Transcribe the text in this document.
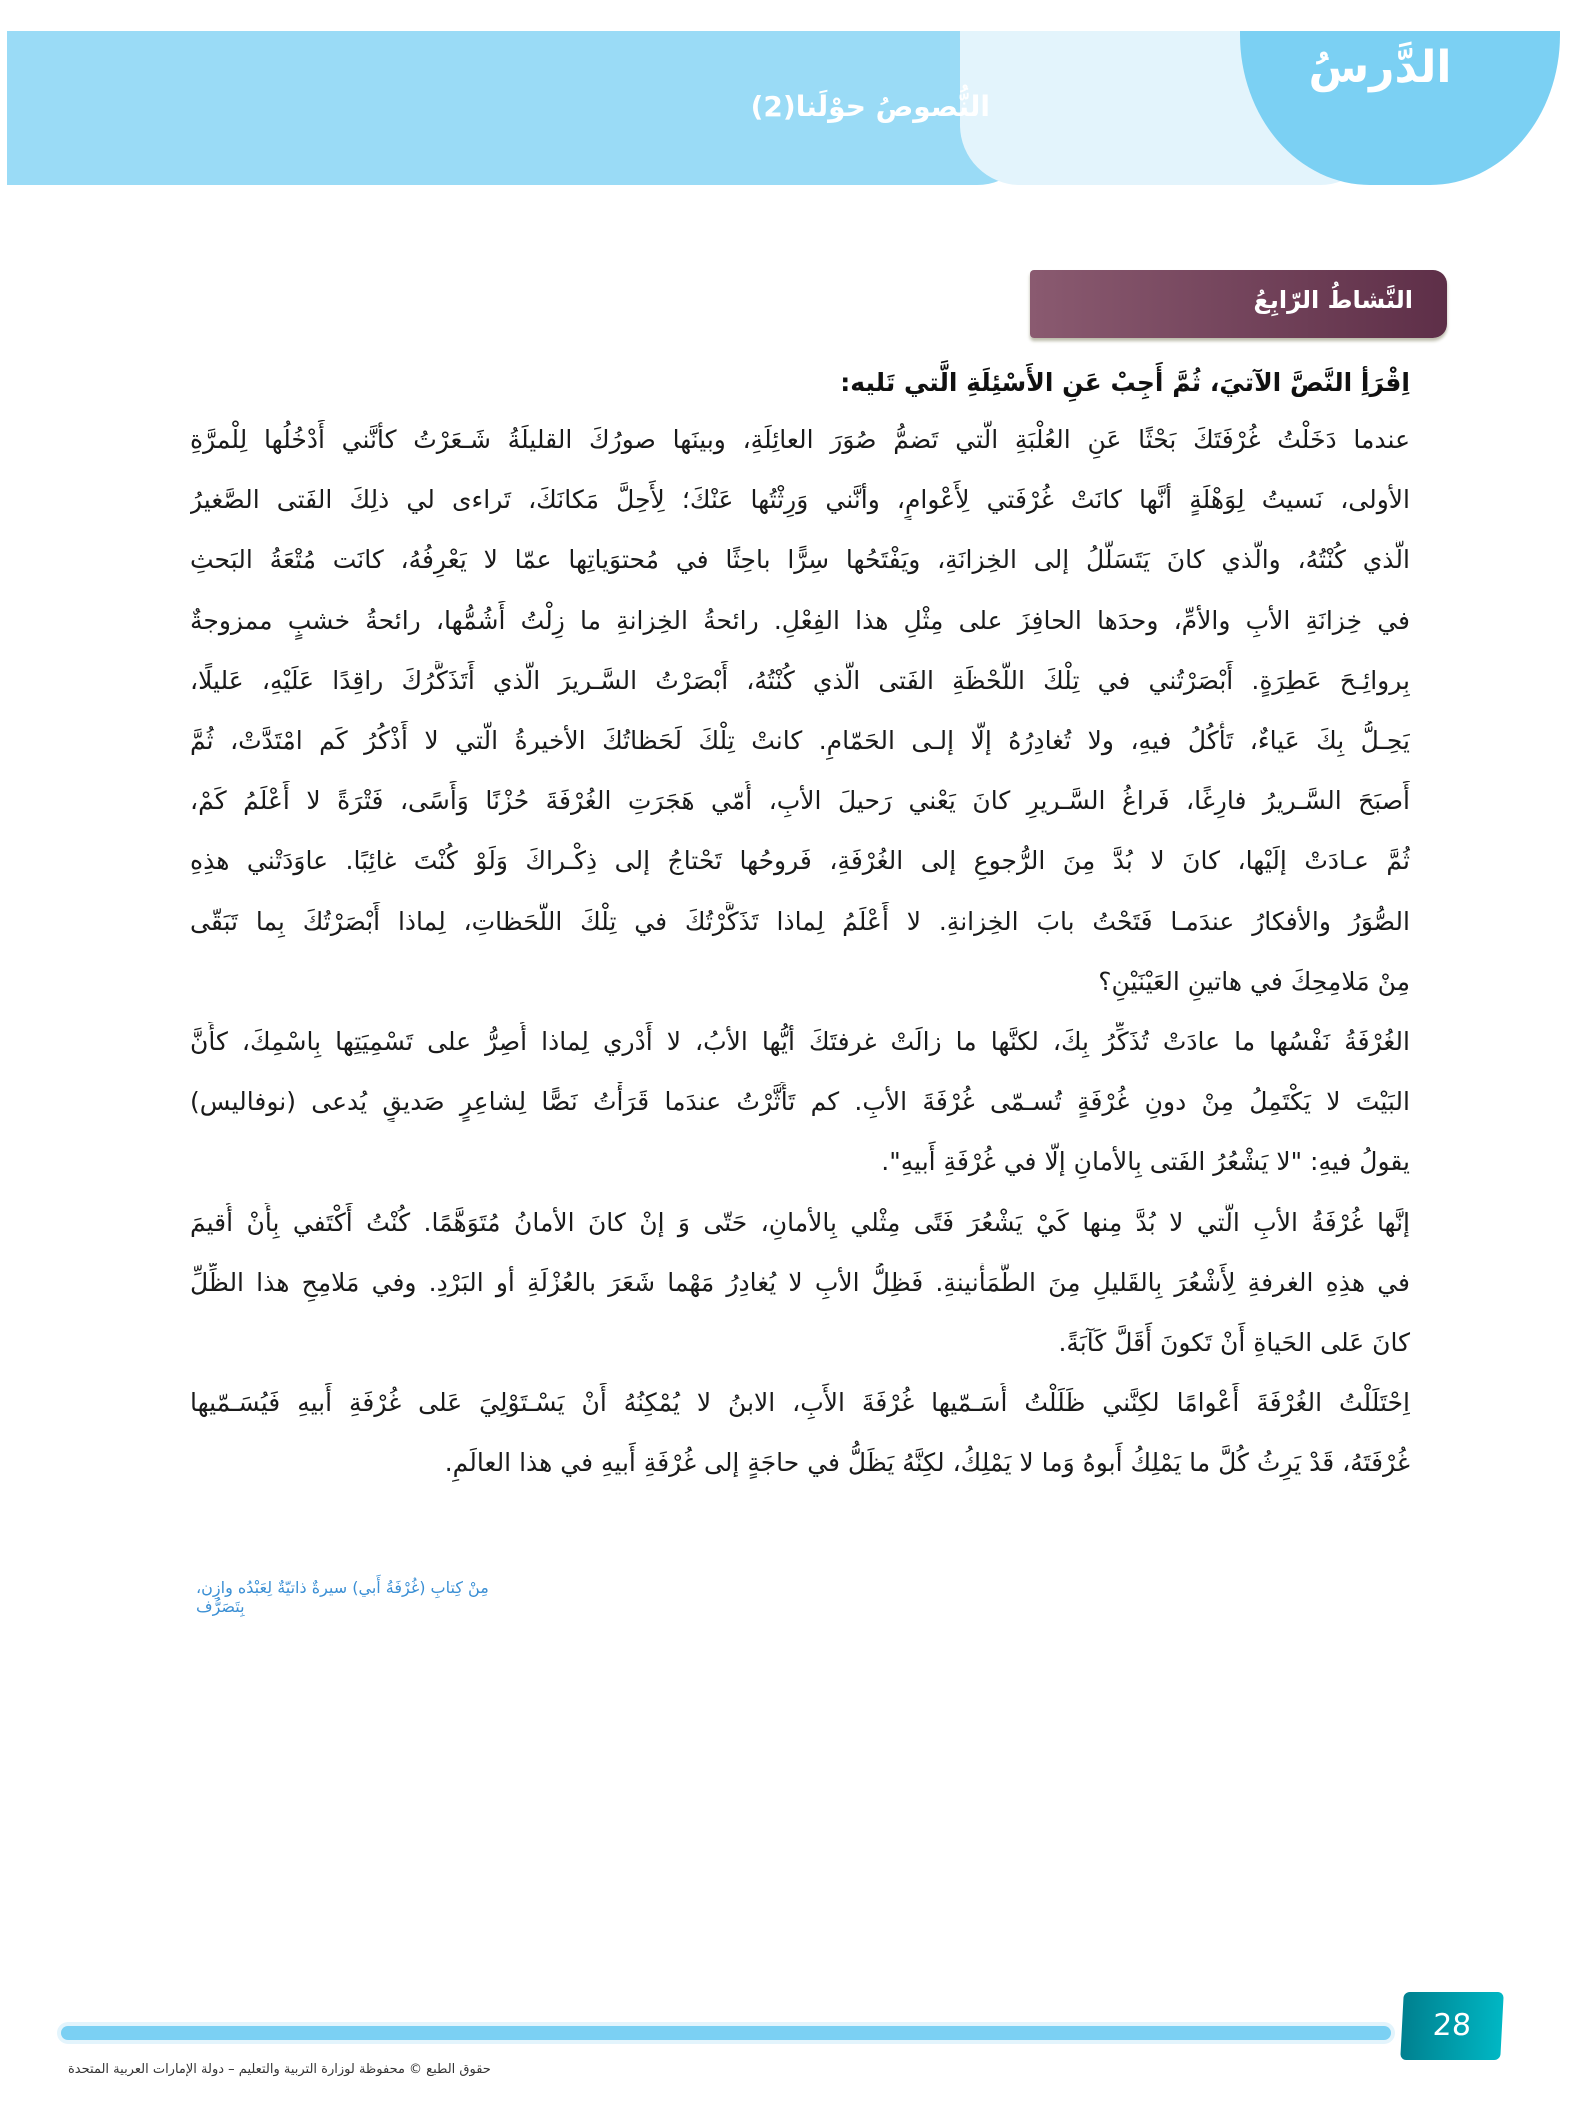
الدَّرسُ
النُّصوصُ حوْلَنا(2)
النَّشاطُ الرّابِعُ
اِقْرَأِ النَّصَّ الآتيَ، ثُمَّ أَجِبْ عَنِ الأَسْئِلَةِ الَّتي تَليه:
عندما دَخَلْتُ غُرْفَتَكَ بَحْثًا عَنِ العُلْبَةِ الَّتي تَضمُّ صُوَرَ العائِلَةِ، وبينَها صورُكَ القليلَةُ شَـعَرْتُ كأنَّني أَدْخُلُها لِلْمرَّةِ
الأولى، نَسيتُ لِوَهْلَةٍ أنَّها كانَتْ غُرْفَتي لِأَعْوامٍ، وأنَّني وَرِثْتُها عَنْكَ؛ لِأَحِلَّ مَكانَكَ، تَراءى لي ذلِكَ الفَتى الصَّغيرُ
الَّذي كُنْتُهُ، والَّذي كانَ يَتَسَلَّلُ إلى الخِزانَةِ، ويَفْتَحُها سِرًّا باحِثًا في مُحتوَياتِها عمّا لا يَعْرِفُهُ، كانَت مُتْعَةُ البَحثِ
في خِزانَةِ الأبِ والأمِّ، وحدَها الحافِزَ على مِثْلِ هذا الفِعْلِ. رائحةُ الخِزانةِ ما زِلْتُ أَشُمُّها، رائحةُ خشبٍ ممزوجةٌ
بِروائِـحَ عَطِرَةٍ. أَبْصَرْتُني في تِلْكَ اللَّحْظَةِ الفَتى الَّذي كُنْتُهُ، أَبْصَرْتُ السَّـريرَ الَّذي أَتَذَكَّرُكَ راقِدًا عَلَيْهِ، عَليلًا،
يَحِـلُّ بِكَ عَياءٌ، تَأْكُلُ فيهِ، ولا تُغادِرُهُ إلّا إلـى الحَمّامِ. كانتْ تِلْكَ لَحَظاتُكَ الأخيرةُ الّتي لا أَذْكُرُ كَم امْتَدَّتْ، ثُمَّ
أَصبَحَ السَّـريرُ فارِغًا، فَراغُ السَّـريرِ كانَ يَعْني رَحيلَ الأبِ، أُمّي هَجَرَتِ الغُرْفَةَ حُزْنًا وَأَسًى، فَتْرَةً لا أَعْلَمُ كَمْ،
ثُمَّ عـادَتْ إلَيْها، كانَ لا بُدَّ مِنَ الرُّجوعِ إلى الغُرْفَةِ، فَروحُها تَحْتاجُ إلى ذِكْـراكَ وَلَوْ كُنْتَ غائِبًا. عاوَدَتْني هذِهِ
الصُّوَرُ والأفكارُ عندَمـا فَتَحْتُ بابَ الخِزانةِ. لا أَعْلَمُ لِماذا تَذَكَّرْتُكَ في تِلْكَ اللَّحَظاتِ، لِماذا أَبْصَرْتُكَ بِما تَبَقّى
مِنْ مَلامِحِكَ في هاتينِ العَيْنَيْنِ؟
الغُرْفَةُ نَفْسُها ما عادَتْ تُذَكِّرُ بِكَ، لكنَّها ما زالَتْ غرفتَكَ أيُّها الأبُ، لا أَدْري لِماذا أُصِرُّ على تَسْمِيَتِها بِاسْمِكَ، كأَنَّ
البَيْتَ لا يَكْتَمِلُ مِنْ دونِ غُرْفَةٍ تُسـمّى غُرْفَةَ الأبِ. كم تَأَثَّرْتُ عندَما قَرَأْتُ نَصًّا لِشاعِرٍ صَديقٍ يُدعى (نوفاليس)
يقولُ فيهِ: "لا يَشْعُرُ الفَتى بِالأمانِ إلّا في غُرْفَةِ أَبيهِ".
إنَّها غُرْفَةُ الأبِ الَّتي لا بُدَّ مِنها كَيْ يَشْعُرَ فَتًى مِثْلي بِالأمانِ، حَتّى وَ إنْ كانَ الأمانُ مُتَوَهَّمًا. كُنْتُ أَكْتَفي بِأَنْ أُقيمَ
في هذِهِ الغرفةِ لِأَشْعُرَ بِالقَليلِ مِنَ الطُّمَأْنينةِ. فَظِلُّ الأبِ لا يُغادِرُ مَهْما شَعَرَ بالعُزْلَةِ أو البَرْدِ. وفي مَلامِحِ هذا الظِّلِّ
كانَ عَلى الحَياةِ أَنْ تَكونَ أَقَلَّ كَآبَةً.
اِحْتَلَلْتُ الغُرْفَةَ أَعْوامًا لكِنَّني ظَلَلْتُ أُسَـمّيها غُرْفَةَ الأَبِ، الابنُ لا يُمْكِنُهُ أَنْ يَسْـتَوْلِيَ عَلى غُرْفَةِ أَبيهِ فَيُسَـمّيها
غُرْفَتَهُ، قَدْ يَرِثُ كُلَّ ما يَمْلِكُ أَبوهُ وَما لا يَمْلِكُ، لكِنَّهُ يَظَلُّ في حاجَةٍ إلى غُرْفَةِ أَبيهِ في هذا العالَمِ.
مِنْ كِتابِ (غُرْفَةُ أَبي) سيرةٌ ذاتيّةٌ لِعَبْدُه وازِن، بِتَصَرُّف
28
حقوق الطبع © محفوظة لوزارة التربية والتعليم – دولة الإمارات العربية المتحدة
